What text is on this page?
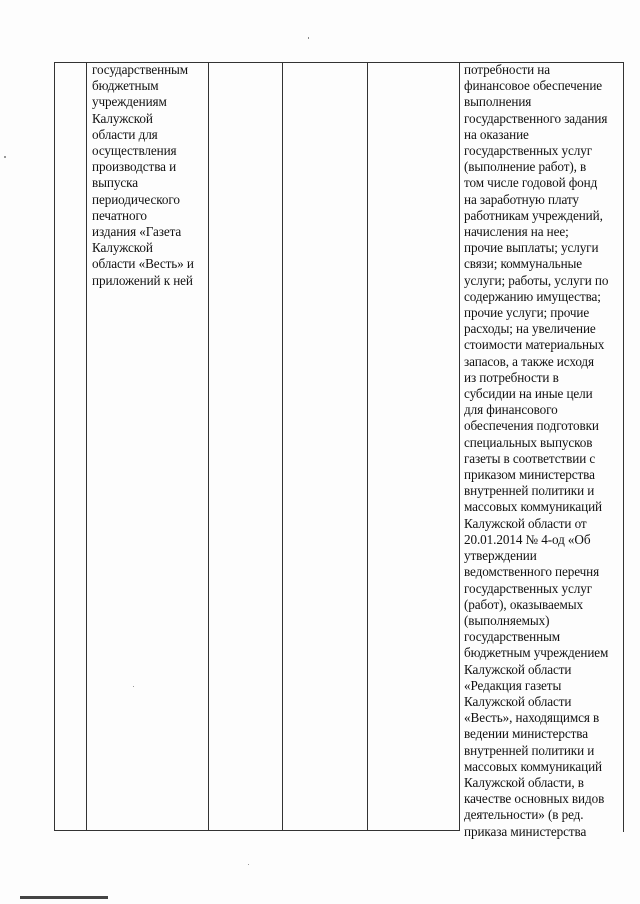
государственным
бюджетным
учреждениям
Калужской
области для
осуществления
производства и
выпуска
периодического
печатного
издания «Газета
Калужской
области «Весть» и
приложений к ней
потребности на
финансовое обеспечение
выполнения
государственного задания
на оказание
государственных услуг
(выполнение работ), в
том числе годовой фонд
на заработную плату
работникам учреждений,
начисления на нее;
прочие выплаты; услуги
связи; коммунальные
услуги; работы, услуги по
содержанию имущества;
прочие услуги; прочие
расходы; на увеличение
стоимости материальных
запасов, а также исходя
из потребности в
субсидии на иные цели
для финансового
обеспечения подготовки
специальных выпусков
газеты в соответствии с
приказом министерства
внутренней политики и
массовых коммуникаций
Калужской области от
20.01.2014 № 4-од «Об
утверждении
ведомственного перечня
государственных услуг
(работ), оказываемых
(выполняемых)
государственным
бюджетным учреждением
Калужской области
«Редакция газеты
Калужской области
«Весть», находящимся в
ведении министерства
внутренней политики и
массовых коммуникаций
Калужской области, в
качестве основных видов
деятельности» (в ред.
приказа министерства
